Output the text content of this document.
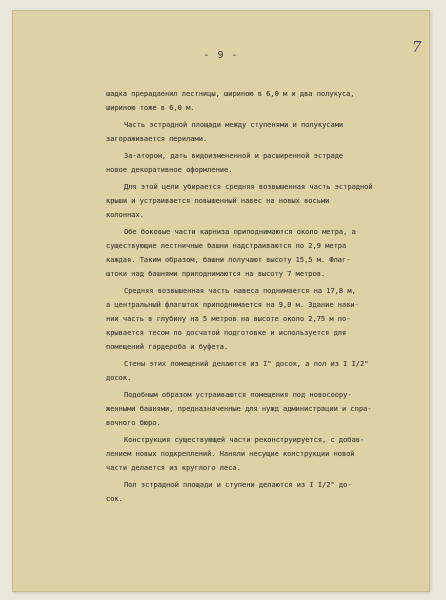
- 9 -	7
шадка прерадаенил лестницы, шириною в 6,0 м и два полукуса,
шириною тоже в 6,0 м.
Часть эстрадной площади между ступенями и полукусами
загораживается перилами.
За-атором, дать видоизмененной и расширенной эстраде
новое декоративное оформление.
Для этой цели убирается средняя возвышенная часть эстрадной
крыши и устраивается повышенный навес на новых восьми
колоннах.
Обе боковые части карниза приподнимаются около метра, а
существующие лестничные башни надстраиваются по 2,9 метра
каждая. Таким образом, башни получают высоту 15,5 м. Флаг-
штоки над башнями приподнимаются на высоту 7 метров.
Средняя возвышенная часть навеса поднимается на 17,8 м,
а центральный флагшток приподнимается на 9,0 м. Здание нави-
нии часть в глубину на 5 метров на высоте около 2,75 м по-
крывается тесом по досчатой подготовке и используется для
помещений гардероба и буфета.
Стены этих помещений делаются из I" досок, а пол из I I/2"
досок.
Подобным образом устраиваются помещения под новосоору-
женными башнями, предназначенные для нужд администрации и спра-
вочного бюро.
Конструкция существующей части реконструируется, с добав-
лением новых подкреплений. Наняли несущие конструкции новой
части делается из круглого леса.
Пол эстрадной площади и ступени делаются из I I/2" до-
сок.
